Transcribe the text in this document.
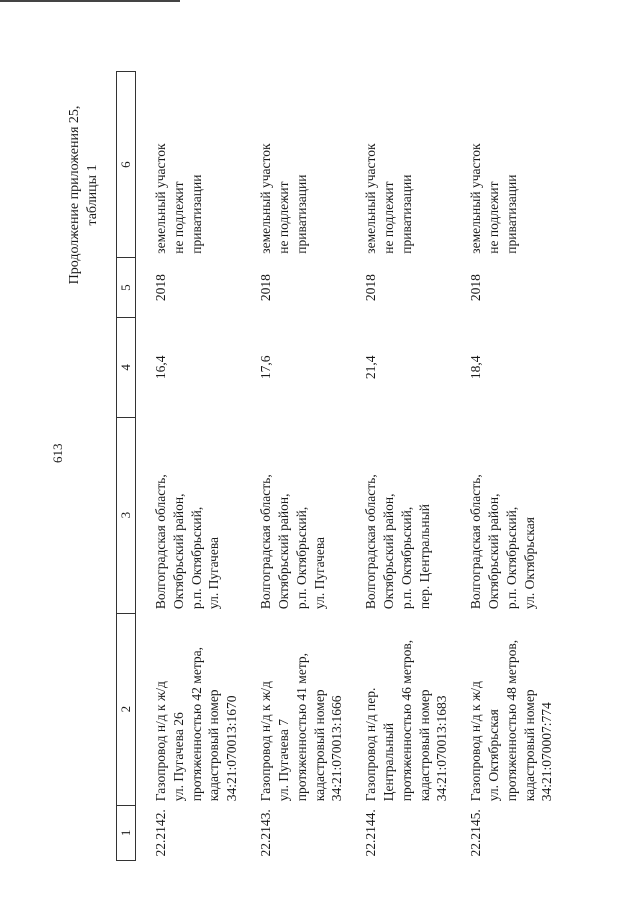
613
Продолжение приложения 25,
таблицы 1
1	2	3	4	5	6
22.2142.	Газопровод н/д к ж/д
ул. Пугачева 26
протяженностью 42 метра,
кадастровый номер
34:21:070013:1670	Волгоградская область,
Октябрьский район,
р.п. Октябрьский,
ул. Пугачева	16,4	2018	земельный участок
не подлежит
приватизации
22.2143.	Газопровод н/д к ж/д
ул. Пугачева 7
протяженностью 41 метр,
кадастровый номер
34:21:070013:1666	Волгоградская область,
Октябрьский район,
р.п. Октябрьский,
ул. Пугачева	17,6	2018	земельный участок
не подлежит
приватизации
22.2144.	Газопровод н/д пер. Центральный
протяженностью 46 метров,
кадастровый номер
34:21:070013:1683	Волгоградская область,
Октябрьский район,
р.п. Октябрьский,
пер. Центральный	21,4	2018	земельный участок
не подлежит
приватизации
22.2145.	Газопровод н/д к ж/д
ул. Октябрьская
протяженностью 48 метров,
кадастровый номер
34:21:070007:774	Волгоградская область,
Октябрьский район,
р.п. Октябрьский,
ул. Октябрьская	18,4	2018	земельный участок
не подлежит
приватизации
